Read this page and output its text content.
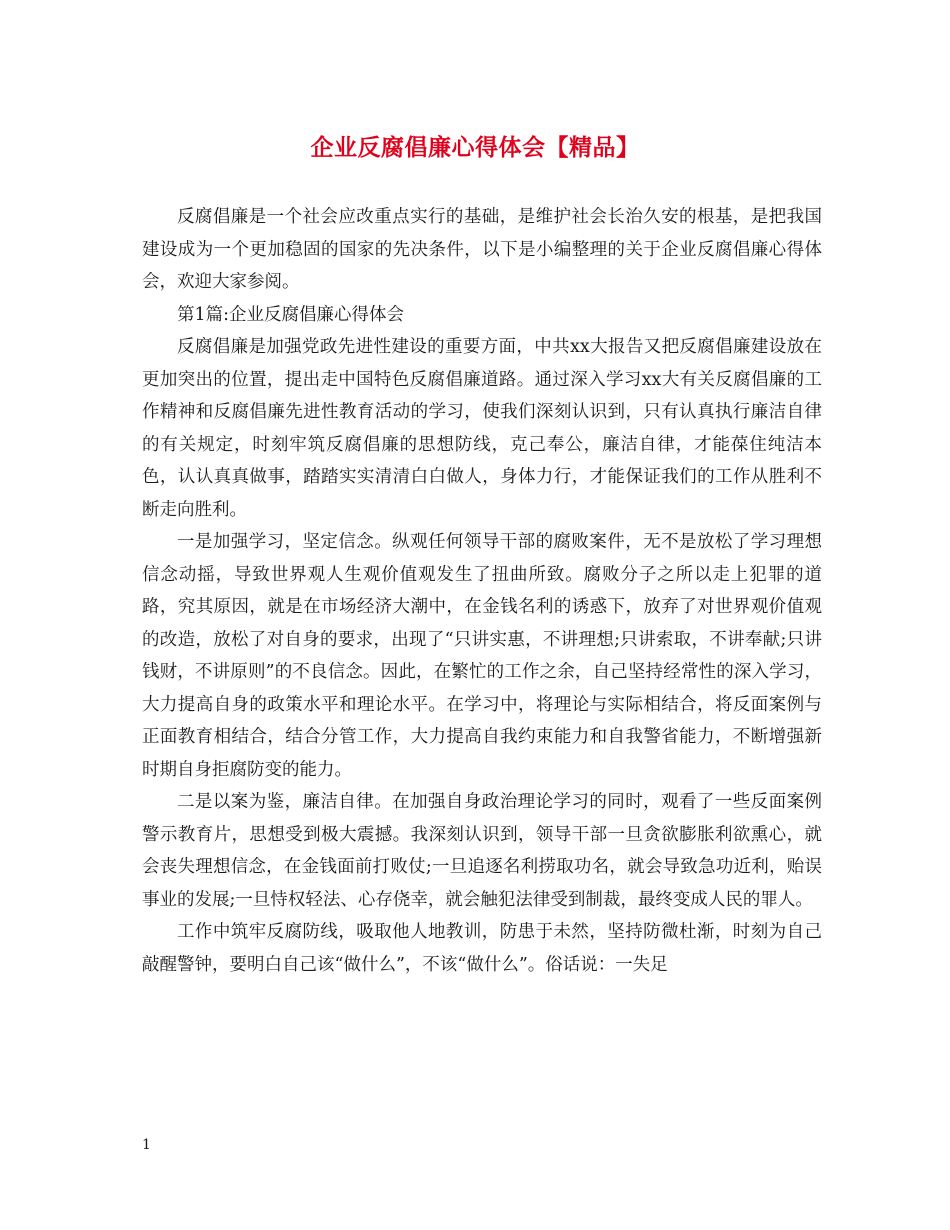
企业反腐倡廉心得体会【精品】

反腐倡廉是一个社会应改重点实行的基础，是维护社会长治久安的根基，是把我国建设成为一个更加稳固的国家的先决条件，以下是小编整理的关于企业反腐倡廉心得体会，欢迎大家参阅。

第1篇:企业反腐倡廉心得体会

反腐倡廉是加强党政先进性建设的重要方面，中共xx大报告又把反腐倡廉建设放在更加突出的位置，提出走中国特色反腐倡廉道路。通过深入学习xx大有关反腐倡廉的工作精神和反腐倡廉先进性教育活动的学习，使我们深刻认识到，只有认真执行廉洁自律的有关规定，时刻牢筑反腐倡廉的思想防线，克己奉公，廉洁自律，才能葆住纯洁本色，认认真真做事，踏踏实实清清白白做人，身体力行，才能保证我们的工作从胜利不断走向胜利。

一是加强学习，坚定信念。纵观任何领导干部的腐败案件，无不是放松了学习理想信念动摇，导致世界观人生观价值观发生了扭曲所致。腐败分子之所以走上犯罪的道路，究其原因，就是在市场经济大潮中，在金钱名利的诱惑下，放弃了对世界观价值观的改造，放松了对自身的要求，出现了“只讲实惠，不讲理想;只讲索取，不讲奉献;只讲钱财，不讲原则”的不良信念。因此，在繁忙的工作之余，自己坚持经常性的深入学习，大力提高自身的政策水平和理论水平。在学习中，将理论与实际相结合，将反面案例与正面教育相结合，结合分管工作，大力提高自我约束能力和自我警省能力，不断增强新时期自身拒腐防变的能力。

二是以案为鉴，廉洁自律。在加强自身政治理论学习的同时，观看了一些反面案例警示教育片，思想受到极大震撼。我深刻认识到，领导干部一旦贪欲膨胀利欲熏心，就会丧失理想信念，在金钱面前打败仗;一旦追逐名利捞取功名，就会导致急功近利，贻误事业的发展;一旦恃权轻法、心存侥幸，就会触犯法律受到制裁，最终变成人民的罪人。

工作中筑牢反腐防线，吸取他人地教训，防患于未然，坚持防微杜渐，时刻为自己敲醒警钟，要明白自己该“做什么”，不该“做什么”。俗话说：一失足

1
